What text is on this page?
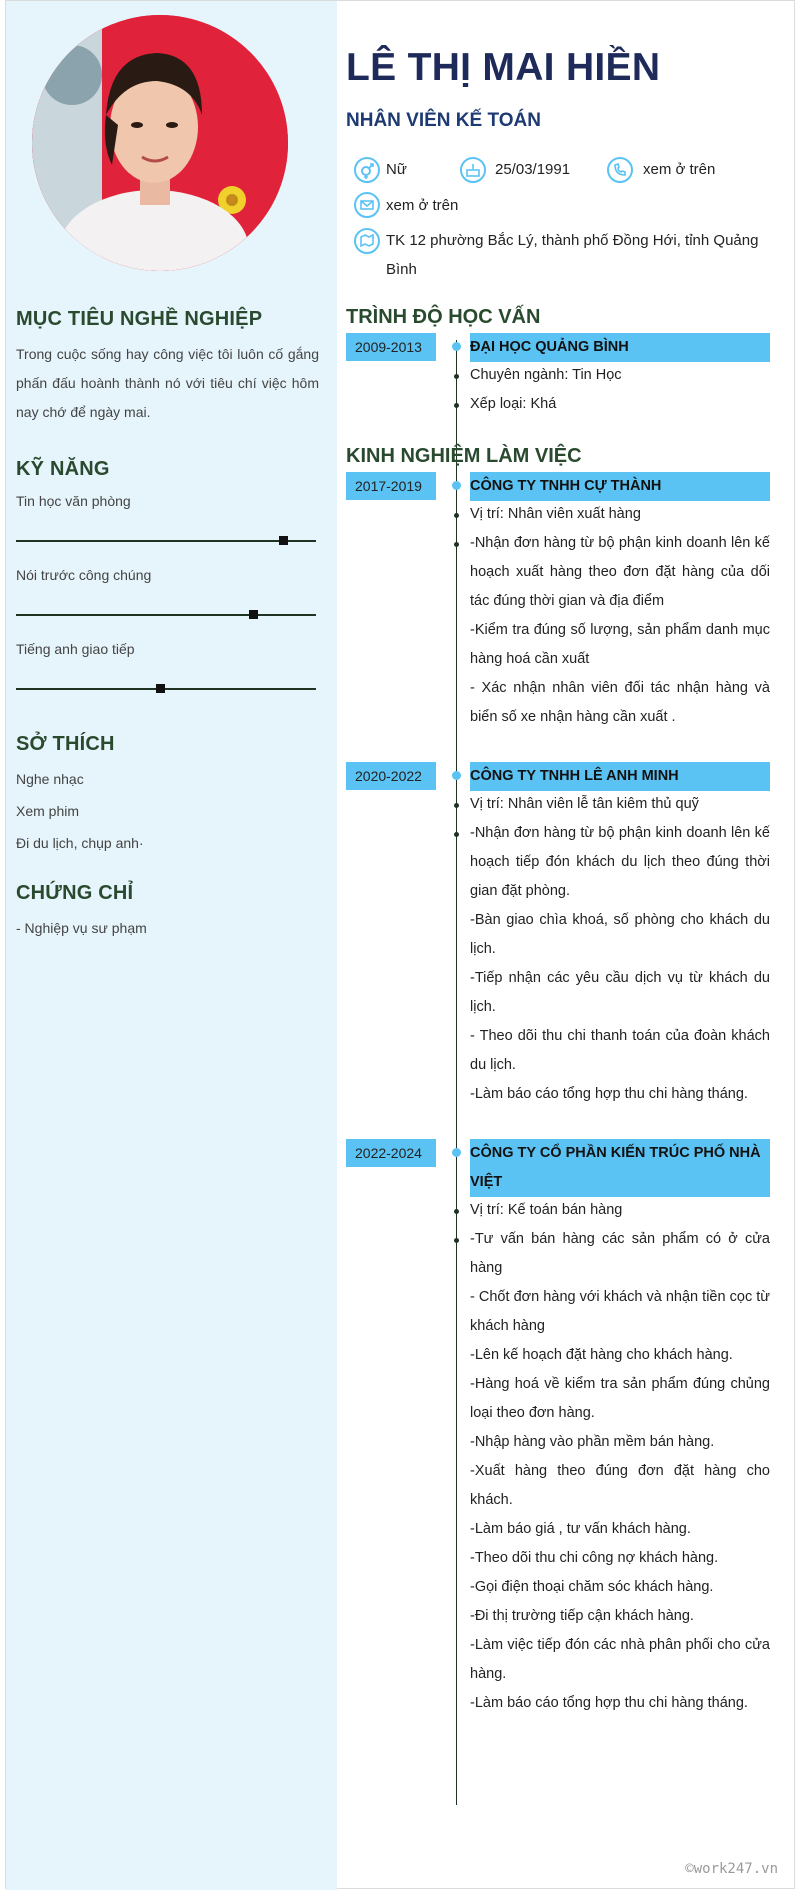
MỤC TIÊU NGHỀ NGHIỆP
Trong cuộc sống hay công việc tôi luôn cố gắng phấn đấu hoành thành nó với tiêu chí việc hôm nay chớ để ngày mai.
KỸ NĂNG
Tin học văn phòng
Nói trước công chúng
Tiếng anh giao tiếp
SỞ THÍCH
Nghe nhạc
Xem phim
Đi du lịch, chụp anh·
CHỨNG CHỈ
- Nghiệp vụ sư phạm
LÊ THỊ MAI HIỀN
NHÂN VIÊN KẾ TOÁN
Nữ	25/03/1991	xem ở trên
xem ở trên
TK 12 phường Bắc Lý, thành phố Đồng Hới, tỉnh Quảng Bình
TRÌNH ĐỘ HỌC VẤN
2009-2013	ĐẠI HỌC QUẢNG BÌNH
Chuyên ngành: Tin Học
Xếp loại: Khá
KINH NGHIỆM LÀM VIỆC
2017-2019	CÔNG TY TNHH CỰ THÀNH
Vị trí: Nhân viên xuất hàng
-Nhận đơn hàng từ bộ phận kinh doanh lên kế hoạch xuất hàng theo đơn đặt hàng của dối tác đúng thời gian và địa điểm
-Kiểm tra đúng số lượng, sản phẩm danh mục hàng hoá cần xuất
- Xác nhận nhân viên đối tác nhận hàng và biển số xe nhận hàng cần xuất .
2020-2022	CÔNG TY TNHH LÊ ANH MINH
Vị trí: Nhân viên lễ tân kiêm thủ quỹ
-Nhận đơn hàng từ bộ phận kinh doanh lên kế hoạch tiếp đón khách du lịch theo đúng thời gian đặt phòng.
-Bàn giao chìa khoá, số phòng cho khách du lịch.
-Tiếp nhận các yêu cầu dịch vụ từ khách du lịch.
- Theo dõi thu chi thanh toán của đoàn khách du lịch.
-Làm báo cáo tổng hợp thu chi hàng tháng.
2022-2024	CÔNG TY CỔ PHẦN KIẾN TRÚC PHỐ NHÀ VIỆT
Vị trí: Kế toán bán hàng
-Tư vấn bán hàng các sản phẩm có ở cửa hàng
- Chốt đơn hàng với khách và nhận tiền cọc từ khách hàng
-Lên kế hoạch đặt hàng cho khách hàng.
-Hàng hoá về kiểm tra sản phẩm đúng chủng loại theo đơn hàng.
-Nhập hàng vào phần mềm bán hàng.
-Xuất hàng theo đúng đơn đặt hàng cho khách.
-Làm báo giá , tư vấn khách hàng.
-Theo dõi thu chi công nợ khách hàng.
-Gọi điện thoại chăm sóc khách hàng.
-Đi thị trường tiếp cận khách hàng.
-Làm việc tiếp đón các nhà phân phối cho cửa hàng.
-Làm báo cáo tổng hợp thu chi hàng tháng.
©work247.vn
